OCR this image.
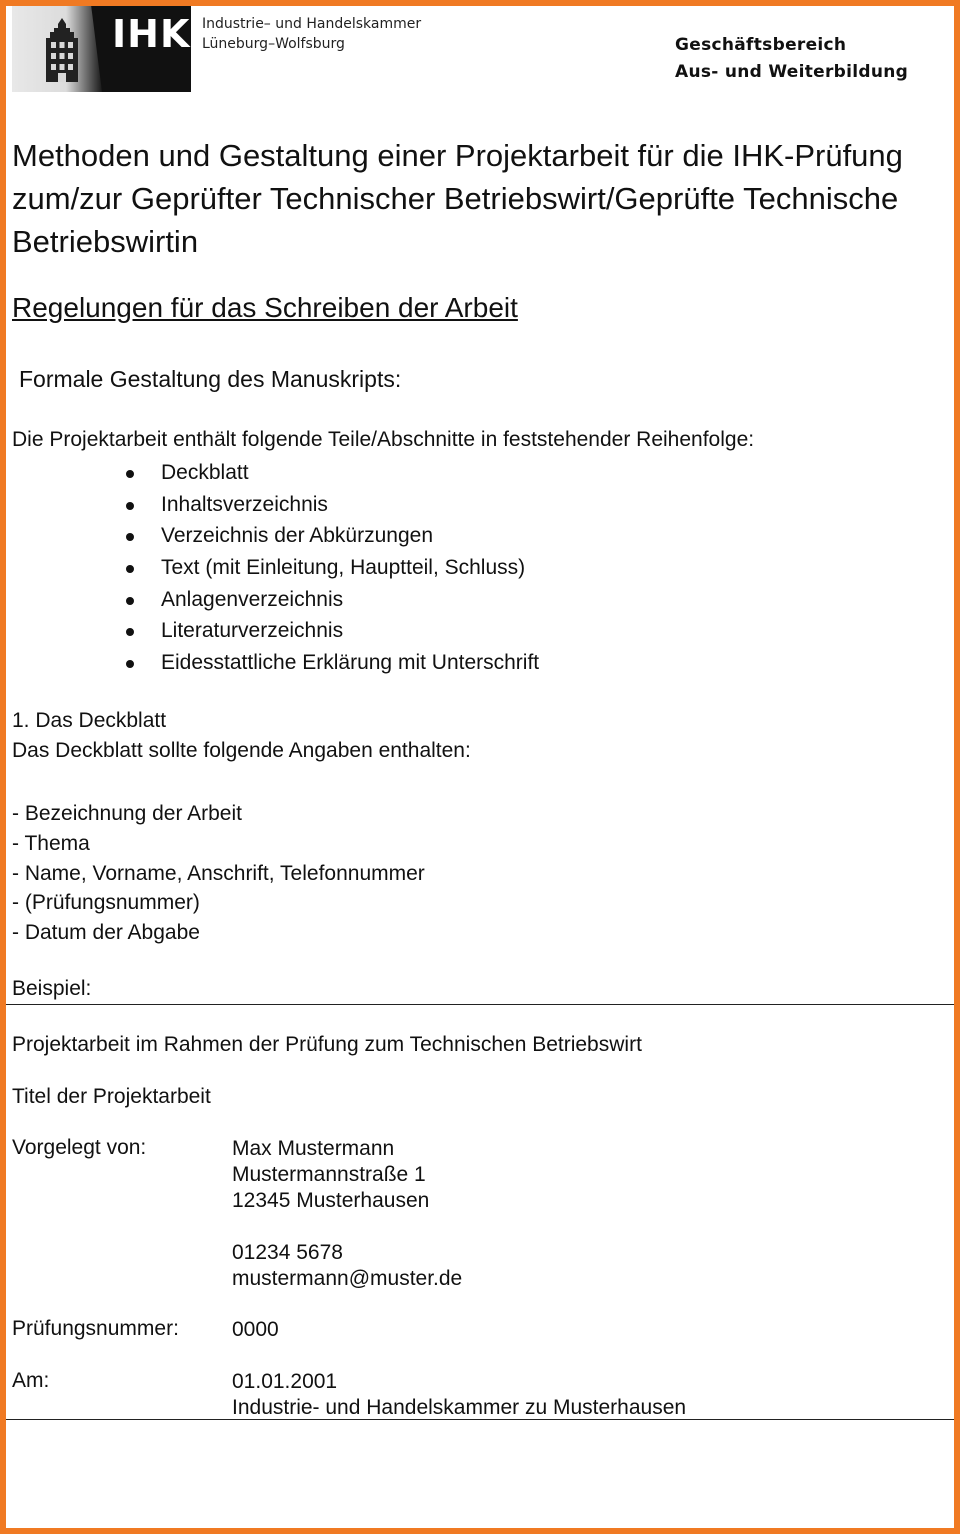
IHK Industrie– und Handelskammer
Lüneburg–Wolfsburg	Geschäftsbereich
Aus- und Weiterbildung
Methoden und Gestaltung einer Projektarbeit für die IHK-Prüfung zum/zur Geprüfter Technischer Betriebswirt/Geprüfte Technische Betriebswirtin
Regelungen für das Schreiben der Arbeit
Formale Gestaltung des Manuskripts:
Die Projektarbeit enthält folgende Teile/Abschnitte in feststehender Reihenfolge:
Deckblatt
Inhaltsverzeichnis
Verzeichnis der Abkürzungen
Text (mit Einleitung, Hauptteil, Schluss)
Anlagenverzeichnis
Literaturverzeichnis
Eidesstattliche Erklärung mit Unterschrift
1. Das Deckblatt
Das Deckblatt sollte folgende Angaben enthalten:
- Bezeichnung der Arbeit
- Thema
- Name, Vorname, Anschrift, Telefonnummer
- (Prüfungsnummer)
- Datum der Abgabe
Beispiel:
Projektarbeit im Rahmen der Prüfung zum Technischen Betriebswirt
Titel der Projektarbeit
Vorgelegt von:	Max Mustermann
Mustermannstraße 1
12345 Musterhausen
01234 5678
mustermann@muster.de
Prüfungsnummer:	0000
Am:	01.01.2001
Industrie- und Handelskammer zu Musterhausen
